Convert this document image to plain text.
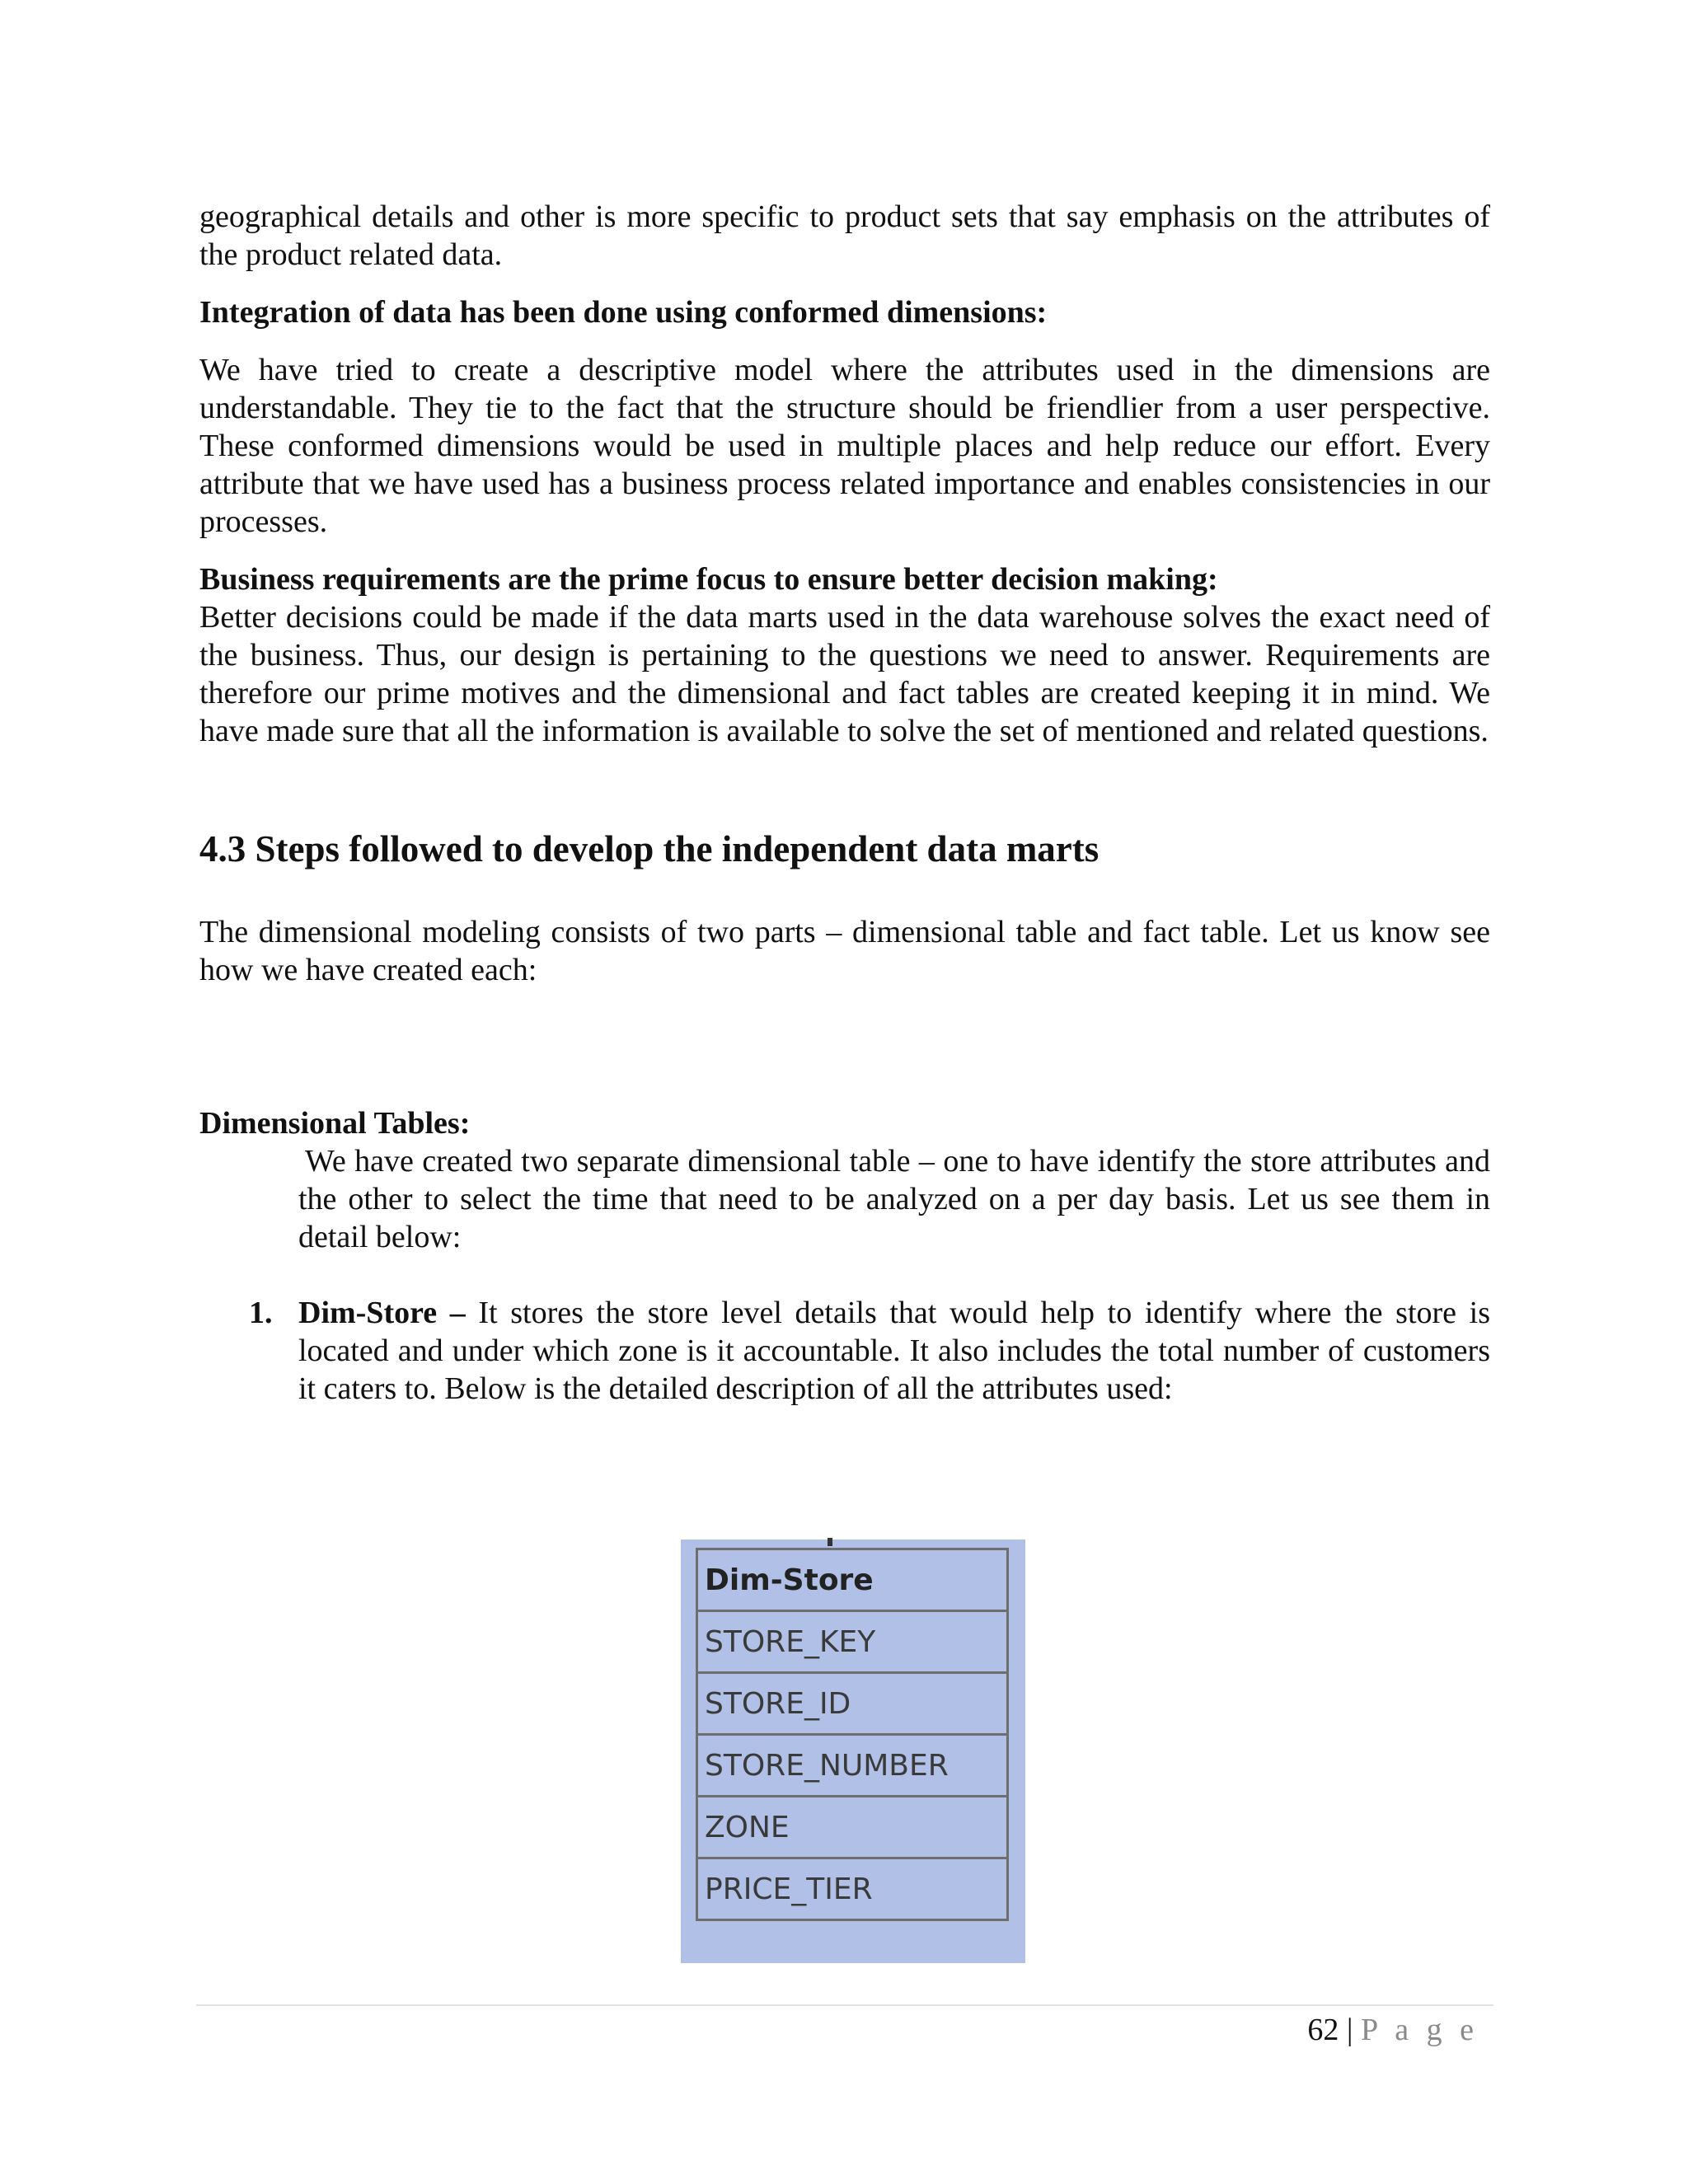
geographical details and other is more specific to product sets that say emphasis on the attributes of the product related data.

Integration of data has been done using conformed dimensions:

We have tried to create a descriptive model where the attributes used in the dimensions are understandable. They tie to the fact that the structure should be friendlier from a user perspective. These conformed dimensions would be used in multiple places and help reduce our effort. Every attribute that we have used has a business process related importance and enables consistencies in our processes.

Business requirements are the prime focus to ensure better decision making:

Better decisions could be made if the data marts used in the data warehouse solves the exact need of the business. Thus, our design is pertaining to the questions we need to answer. Requirements are therefore our prime motives and the dimensional and fact tables are created keeping it in mind. We have made sure that all the information is available to solve the set of mentioned and related questions.

4.3 Steps followed to develop the independent data marts

The dimensional modeling consists of two parts – dimensional table and fact table. Let us know see how we have created each:

Dimensional Tables:

We have created two separate dimensional table – one to have identify the store attributes and the other to select the time that need to be analyzed on a per day basis. Let us see them in detail below:

1. Dim-Store – It stores the store level details that would help to identify where the store is located and under which zone is it accountable. It also includes the total number of customers it caters to. Below is the detailed description of all the attributes used:

Dim-Store
STORE_KEY
STORE_ID
STORE_NUMBER
ZONE
PRICE_TIER
62 | P a g e
